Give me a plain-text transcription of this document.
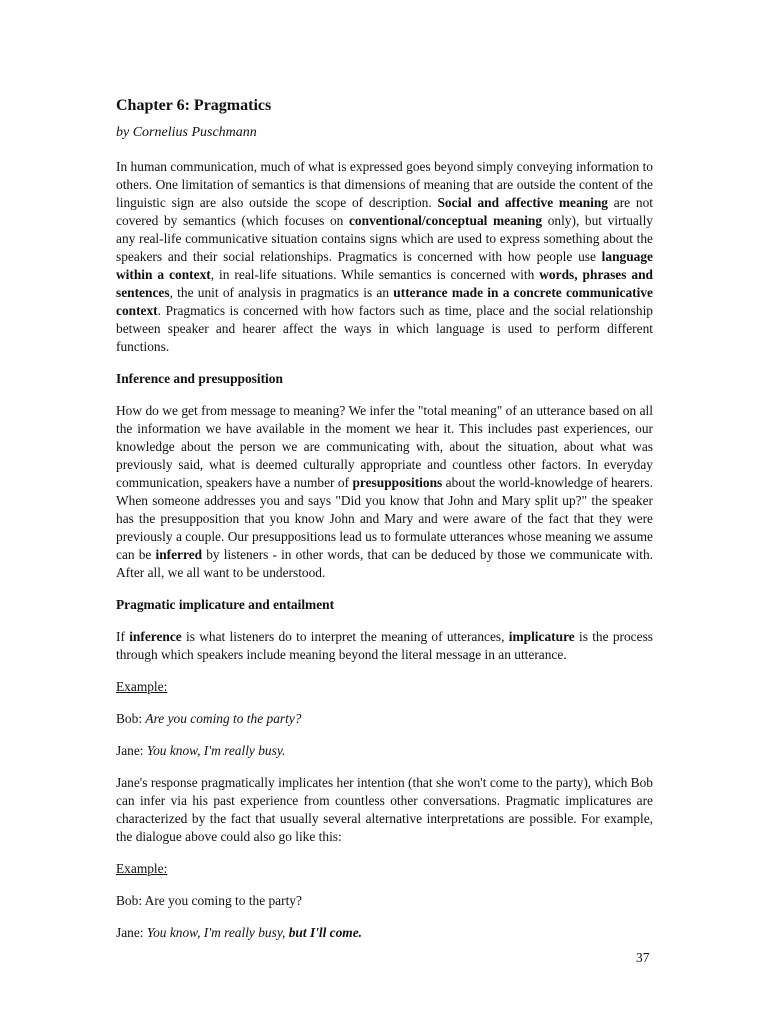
Chapter 6: Pragmatics
by Cornelius Puschmann

In human communication, much of what is expressed goes beyond simply conveying information to others. One limitation of semantics is that dimensions of meaning that are outside the content of the linguistic sign are also outside the scope of description. Social and affective meaning are not covered by semantics (which focuses on conventional/conceptual meaning only), but virtually any real-life communicative situation contains signs which are used to express something about the speakers and their social relationships. Pragmatics is concerned with how people use language within a context, in real-life situations. While semantics is concerned with words, phrases and sentences, the unit of analysis in pragmatics is an utterance made in a concrete communicative context. Pragmatics is concerned with how factors such as time, place and the social relationship between speaker and hearer affect the ways in which language is used to perform different functions.

Inference and presupposition

How do we get from message to meaning? We infer the "total meaning" of an utterance based on all the information we have available in the moment we hear it. This includes past experiences, our knowledge about the person we are communicating with, about the situation, about what was previously said, what is deemed culturally appropriate and countless other factors. In everyday communication, speakers have a number of presuppositions about the world-knowledge of hearers. When someone addresses you and says "Did you know that John and Mary split up?" the speaker has the presupposition that you know John and Mary and were aware of the fact that they were previously a couple. Our presuppositions lead us to formulate utterances whose meaning we assume can be inferred by listeners - in other words, that can be deduced by those we communicate with. After all, we all want to be understood.

Pragmatic implicature and entailment

If inference is what listeners do to interpret the meaning of utterances, implicature is the process through which speakers include meaning beyond the literal message in an utterance.

Example:

Bob: Are you coming to the party?

Jane: You know, I'm really busy.

Jane's response pragmatically implicates her intention (that she won't come to the party), which Bob can infer via his past experience from countless other conversations. Pragmatic implicatures are characterized by the fact that usually several alternative interpretations are possible. For example, the dialogue above could also go like this:

Example:

Bob: Are you coming to the party?

Jane: You know, I'm really busy, but I'll come.

37
